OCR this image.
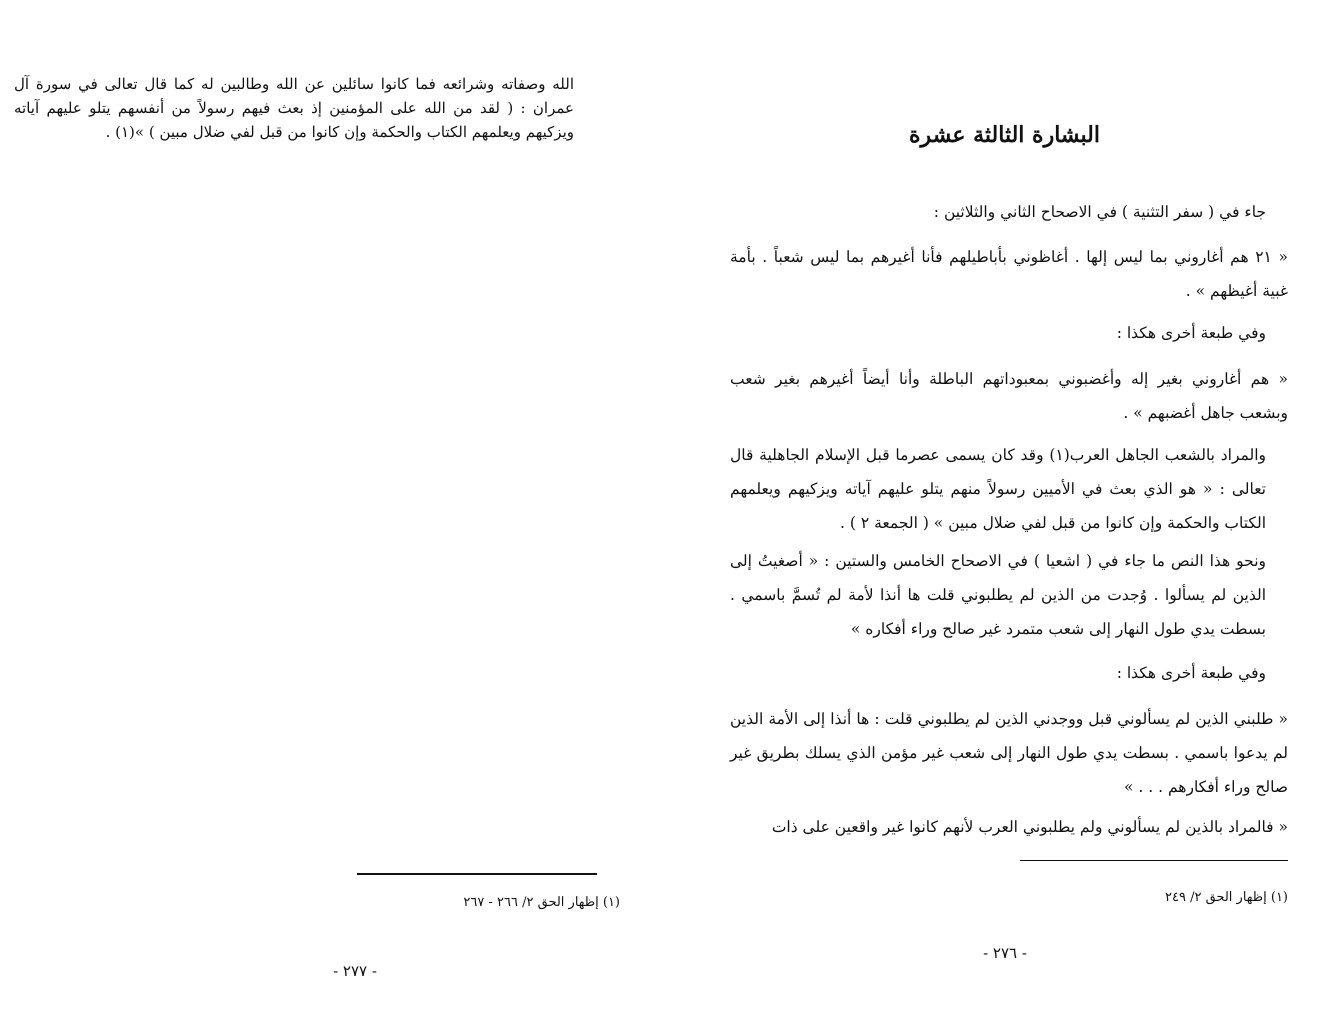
الله وصفاته وشرائعه فما كانوا سائلين عن الله وطالبين له كما قال تعالى في سورة آل عمران : ( لقد من الله على المؤمنين إذ بعث فيهم رسولاً من أنفسهم يتلو عليهم آياته ويزكيهم ويعلمهم الكتاب والحكمة وإن كانوا من قبل لفي ضلال مبين ) »(١) .

(١) إظهار الحق ٢/ ٢٦٦ - ٢٦٧
- ٢٧٧ -
البشارة الثالثة عشرة

جاء في ( سفر التثنية ) في الاصحاح الثاني والثلاثين :

« ٢١ هم أغاروني بما ليس إلها . أغاظوني بأباطيلهم فأنا أغيرهم بما ليس شعباً . بأمة غبية أغيظهم » .

وفي طبعة أخرى هكذا :

« هم أغاروني بغير إله وأغضبوني بمعبوداتهم الباطلة وأنا أيضاً أغيرهم بغير شعب وبشعب جاهل أغضبهم » .

والمراد بالشعب الجاهل العرب(١) وقد كان يسمى عصرما قبل الإسلام الجاهلية قال تعالى : « هو الذي بعث في الأميين رسولاً منهم يتلو عليهم آياته ويزكيهم ويعلمهم الكتاب والحكمة وإن كانوا من قبل لفي ضلال مبين » ( الجمعة ٢ ) .

ونحو هذا النص ما جاء في ( اشعيا ) في الاصحاح الخامس والستين : « أصغيتُ إلى الذين لم يسألوا . وُجدت من الذين لم يطلبوني قلت ها أنذا لأمة لم تُسمَّ باسمي . بسطت يدي طول النهار إلى شعب متمرد غير صالح وراء أفكاره »

وفي طبعة أخرى هكذا :

« طلبني الذين لم يسألوني قبل ووجدني الذين لم يطلبوني قلت : ها أنذا إلى الأمة الذين لم يدعوا باسمي . بسطت يدي طول النهار إلى شعب غير مؤمن الذي يسلك بطريق غير صالح وراء أفكارهم . . . »

« فالمراد بالذين لم يسألوني ولم يطلبوني العرب لأنهم كانوا غير واقعين على ذات

(١) إظهار الحق ٢/ ٢٤٩
- ٢٧٦ -
